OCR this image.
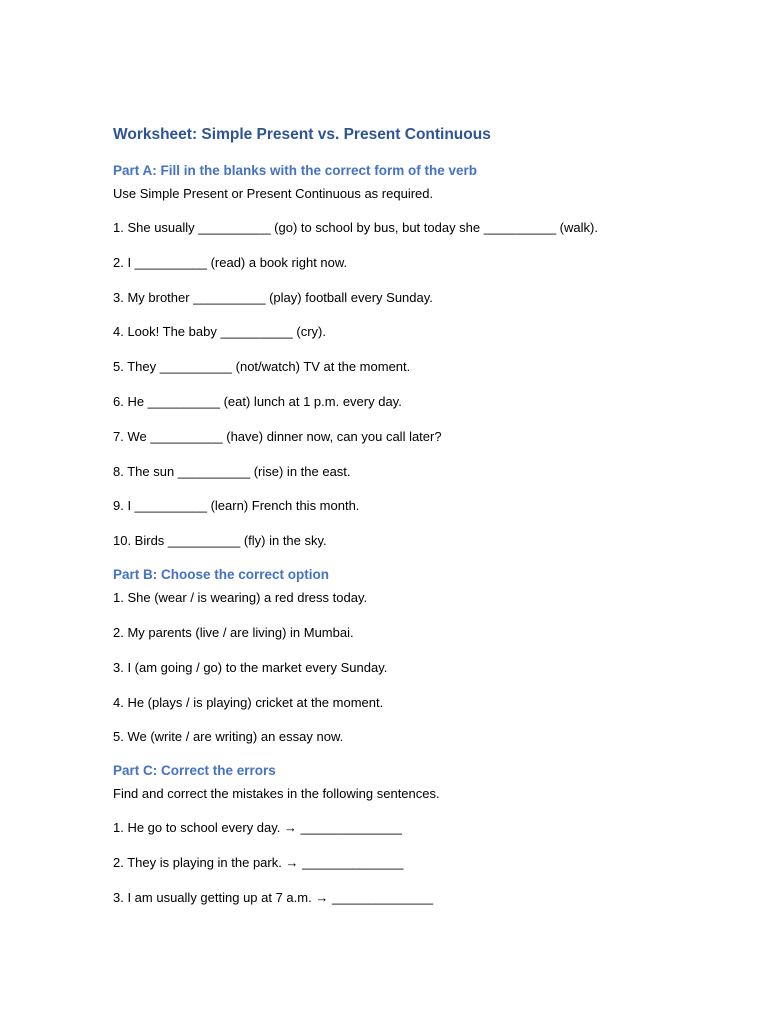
Worksheet: Simple Present vs. Present Continuous
Part A: Fill in the blanks with the correct form of the verb

Use Simple Present or Present Continuous as required.

1. She usually __________ (go) to school by bus, but today she __________ (walk).

2. I __________ (read) a book right now.

3. My brother __________ (play) football every Sunday.

4. Look! The baby __________ (cry).

5. They __________ (not/watch) TV at the moment.

6. He __________ (eat) lunch at 1 p.m. every day.

7. We __________ (have) dinner now, can you call later?

8. The sun __________ (rise) in the east.

9. I __________ (learn) French this month.

10. Birds __________ (fly) in the sky.

Part B: Choose the correct option

1. She (wear / is wearing) a red dress today.

2. My parents (live / are living) in Mumbai.

3. I (am going / go) to the market every Sunday.

4. He (plays / is playing) cricket at the moment.

5. We (write / are writing) an essay now.

Part C: Correct the errors

Find and correct the mistakes in the following sentences.

1. He go to school every day. → ______________

2. They is playing in the park. → ______________

3. I am usually getting up at 7 a.m. → ______________
